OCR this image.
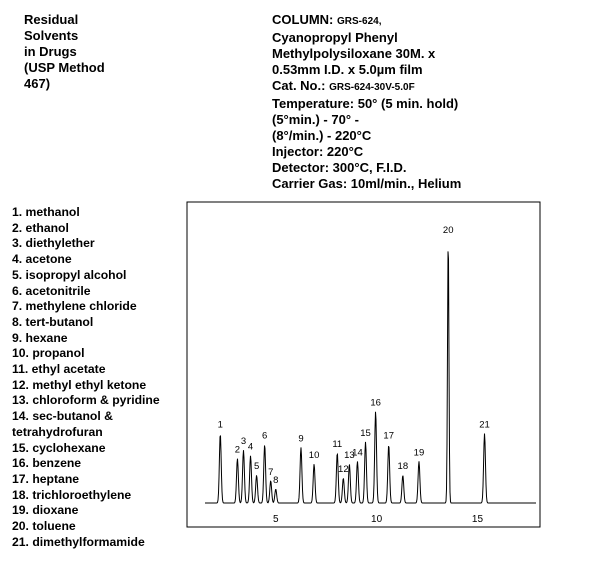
Residual
Solvents
in Drugs
(USP Method
467)
COLUMN: GRS-624,
Cyanopropyl Phenyl
Methylpolysiloxane 30M. x
0.53mm I.D. x 5.0µm film
Cat. No.: GRS-624-30V-5.0F
Temperature: 50° (5 min. hold)
(5°min.) - 70° -
(8°/min.) - 220°C
Injector: 220°C
Detector: 300°C, F.I.D.
Carrier Gas: 10ml/min., Helium
1. methanol
2. ethanol
3. diethylether
4. acetone
5. isopropyl alcohol
6. acetonitrile
7. methylene chloride
8. tert-butanol
9. hexane
10. propanol
11. ethyl acetate
12. methyl ethyl ketone
13. chloroform & pyridine
14. sec-butanol &
tetrahydrofuran
15. cyclohexane
16. benzene
17. heptane
18. trichloroethylene
19. dioxane
20. toluene
21. dimethylformamide
1
2
3
4
5
6
7
8
9
10
11
12
13
14
15
16
17
18
19
20
21
5	10	15
